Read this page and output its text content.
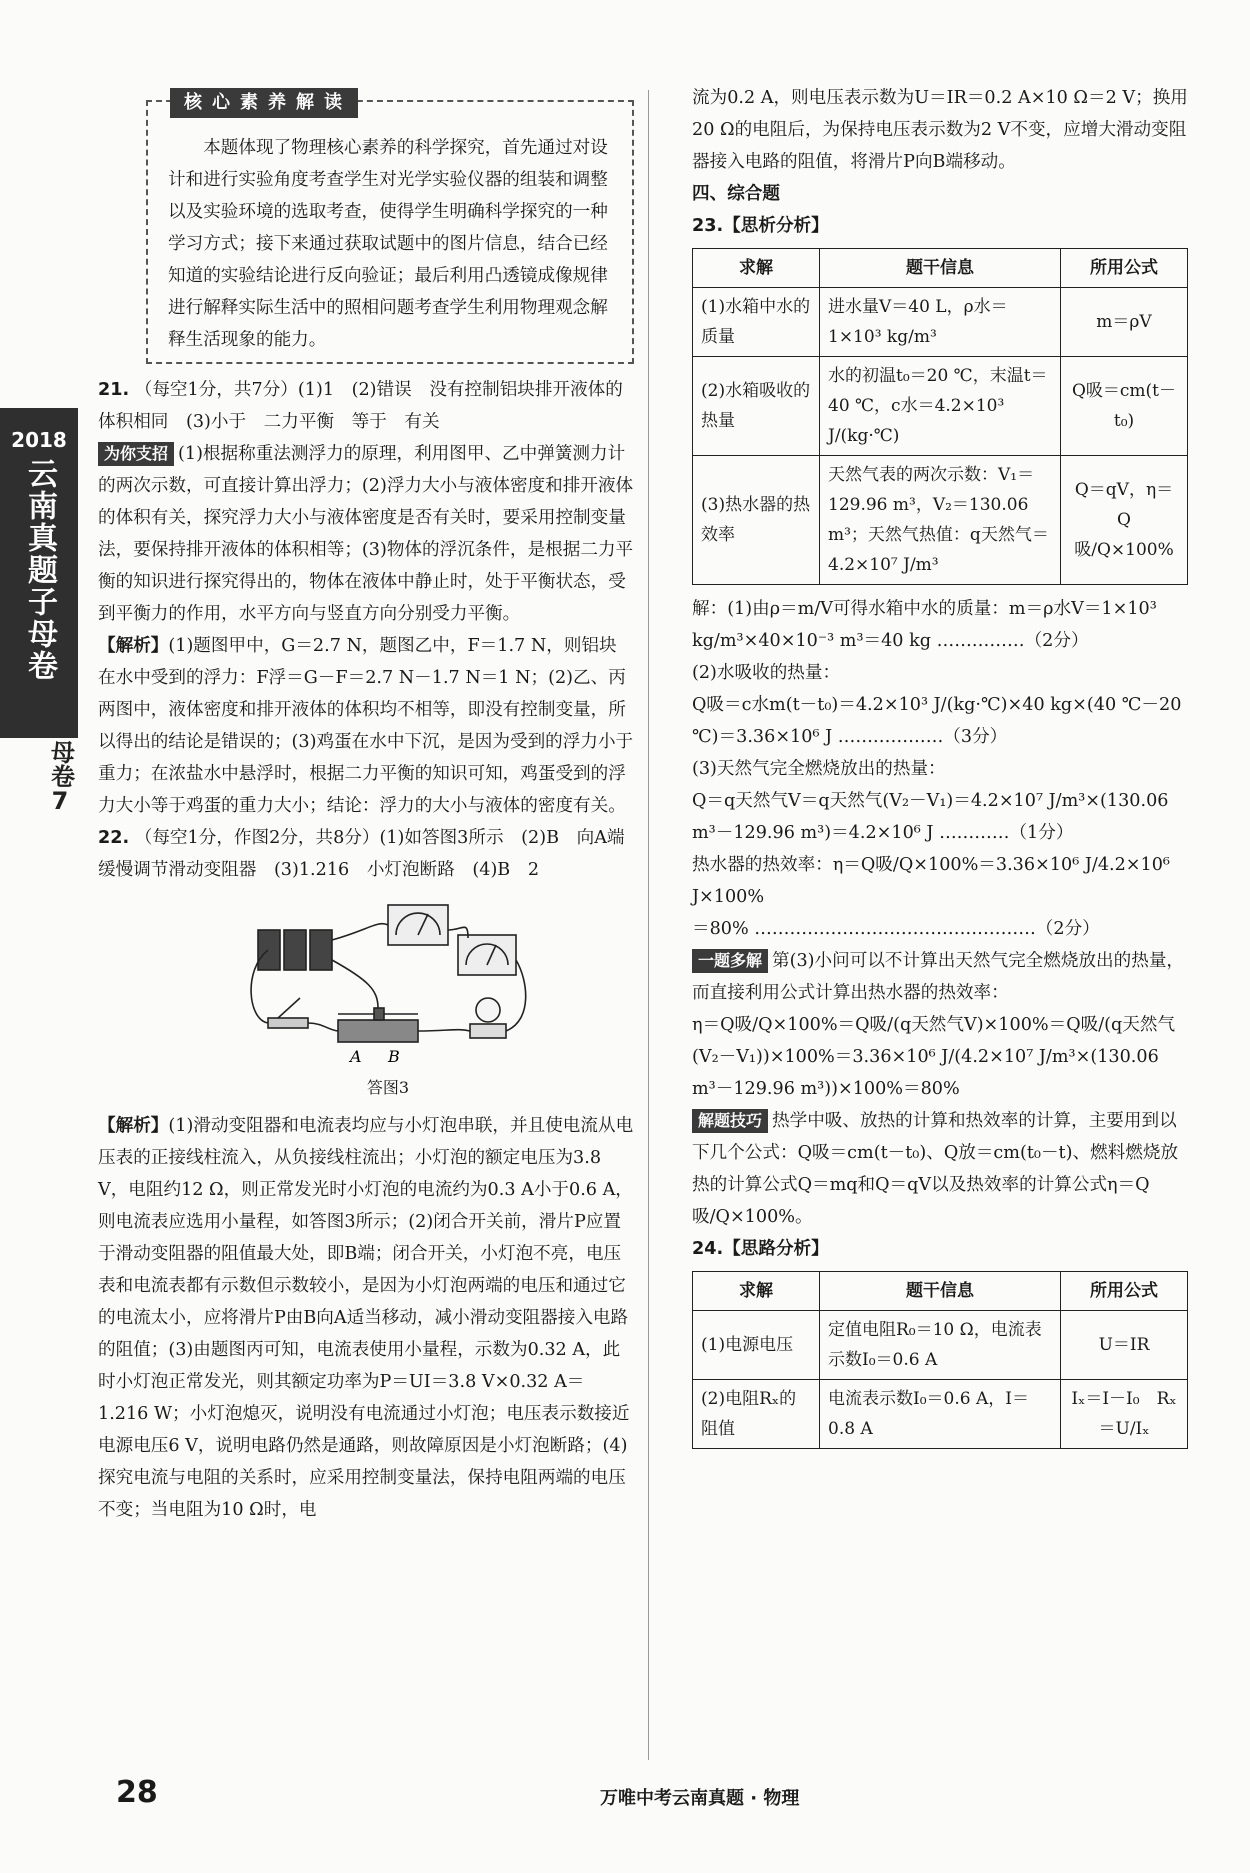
2018
云南真题子母卷
母卷
7
核心素养解读

本题体现了物理核心素养的科学探究，首先通过对设计和进行实验角度考查学生对光学实验仪器的组装和调整以及实验环境的选取考查，使得学生明确科学探究的一种学习方式；接下来通过获取试题中的图片信息，结合已经知道的实验结论进行反向验证；最后利用凸透镜成像规律进行解释实际生活中的照相问题考查学生利用物理观念解释生活现象的能力。

21. （每空1分，共7分）(1)1　(2)错误　没有控制铝块排开液体的体积相同　(3)小于　二力平衡　等于　有关

为你支招 (1)根据称重法测浮力的原理，利用图甲、乙中弹簧测力计的两次示数，可直接计算出浮力；(2)浮力大小与液体密度和排开液体的体积有关，探究浮力大小与液体密度是否有关时，要采用控制变量法，要保持排开液体的体积相等；(3)物体的浮沉条件，是根据二力平衡的知识进行探究得出的，物体在液体中静止时，处于平衡状态，受到平衡力的作用，水平方向与竖直方向分别受力平衡。

【解析】(1)题图甲中，G＝2.7 N，题图乙中，F＝1.7 N，则铝块在水中受到的浮力：F浮＝G－F＝2.7 N－1.7 N＝1 N；(2)乙、丙两图中，液体密度和排开液体的体积均不相等，即没有控制变量，所以得出的结论是错误的；(3)鸡蛋在水中下沉，是因为受到的浮力小于重力；在浓盐水中悬浮时，根据二力平衡的知识可知，鸡蛋受到的浮力大小等于鸡蛋的重力大小；结论：浮力的大小与液体的密度有关。

22. （每空1分，作图2分，共8分）(1)如答图3所示　(2)B　向A端缓慢调节滑动变阻器　(3)1.216　小灯泡断路　(4)B　2

A B

答图3

【解析】(1)滑动变阻器和电流表均应与小灯泡串联，并且使电流从电压表的正接线柱流入，从负接线柱流出；小灯泡的额定电压为3.8 V，电阻约12 Ω，则正常发光时小灯泡的电流约为0.3 A小于0.6 A，则电流表应选用小量程，如答图3所示；(2)闭合开关前，滑片P应置于滑动变阻器的阻值最大处，即B端；闭合开关，小灯泡不亮，电压表和电流表都有示数但示数较小，是因为小灯泡两端的电压和通过它的电流太小，应将滑片P由B向A适当移动，减小滑动变阻器接入电路的阻值；(3)由题图丙可知，电流表使用小量程，示数为0.32 A，此时小灯泡正常发光，则其额定功率为P＝UI＝3.8 V×0.32 A＝1.216 W；小灯泡熄灭，说明没有电流通过小灯泡；电压表示数接近电源电压6 V，说明电路仍然是通路，则故障原因是小灯泡断路；(4)探究电流与电阻的关系时，应采用控制变量法，保持电阻两端的电压不变；当电阻为10 Ω时，电

流为0.2 A，则电压表示数为U＝IR＝0.2 A×10 Ω＝2 V；换用20 Ω的电阻后，为保持电压表示数为2 V不变，应增大滑动变阻器接入电路的阻值，将滑片P向B端移动。

四、综合题

23.【思析分析】

求解	题干信息	所用公式
(1)水箱中水的质量	进水量V＝40 L，ρ水＝1×10³ kg/m³	m＝ρV
(2)水箱吸收的热量	水的初温t₀＝20 ℃，末温t＝40 ℃，c水＝4.2×10³ J/(kg·℃)	Q吸＝cm(t－t₀)
(3)热水器的热效率	天然气表的两次示数：V₁＝129.96 m³，V₂＝130.06 m³；天然气热值：q天然气＝4.2×10⁷ J/m³	Q＝qV，η＝Q吸/Q×100%

解：(1)由ρ＝m/V可得水箱中水的质量：m＝ρ水V＝1×10³ kg/m³×40×10⁻³ m³＝40 kg ……………（2分）

(2)水吸收的热量：

Q吸＝c水m(t－t₀)＝4.2×10³ J/(kg·℃)×40 kg×(40 ℃－20 ℃)＝3.36×10⁶ J ………………（3分）

(3)天然气完全燃烧放出的热量：

Q＝q天然气V＝q天然气(V₂－V₁)＝4.2×10⁷ J/m³×(130.06 m³－129.96 m³)＝4.2×10⁶ J …………（1分）

热水器的热效率：η＝Q吸/Q×100%＝3.36×10⁶ J/4.2×10⁶ J×100%

＝80% …………………………………………（2分）

一题多解 第(3)小问可以不计算出天然气完全燃烧放出的热量，而直接利用公式计算出热水器的热效率：

η＝Q吸/Q×100%＝Q吸/(q天然气V)×100%＝Q吸/(q天然气(V₂－V₁))×100%＝3.36×10⁶ J/(4.2×10⁷ J/m³×(130.06 m³－129.96 m³))×100%＝80%

解题技巧 热学中吸、放热的计算和热效率的计算，主要用到以下几个公式：Q吸＝cm(t－t₀)、Q放＝cm(t₀－t)、燃料燃烧放热的计算公式Q＝mq和Q＝qV以及热效率的计算公式η＝Q吸/Q×100%。

24.【思路分析】

求解	题干信息	所用公式
(1)电源电压	定值电阻R₀＝10 Ω，电流表示数I₀＝0.6 A	U＝IR
(2)电阻Rₓ的阻值	电流表示数I₀＝0.6 A，I＝0.8 A	Iₓ＝I－I₀　Rₓ＝U/Iₓ
28	万唯中考云南真题 · 物理
